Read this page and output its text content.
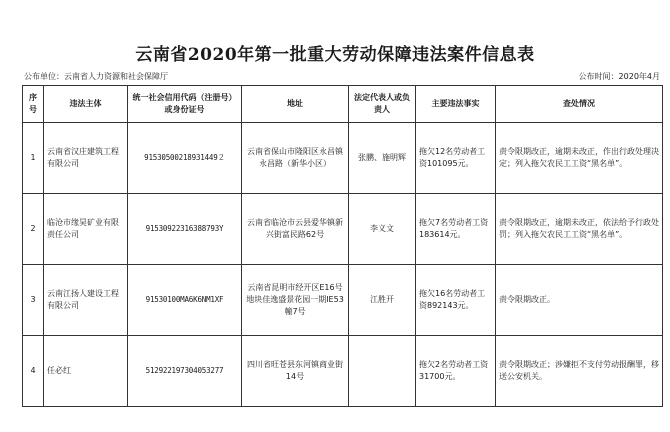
云南省2020年第一批重大劳动保障违法案件信息表
公布单位：云南省人力资源和社会保障厅	公布时间：2020年4月
序号	违法主体	统一社会信用代码（注册号）或身份证号	地址	法定代表人或负责人	主要违法事实	查处情况
1	云南省汉庄建筑工程有限公司	91530500218931449２	云南省保山市隆阳区永昌镇永昌路（新华小区）	张鹏、施明辉	拖欠12名劳动者工资101095元。	责令限期改正，逾期未改正，作出行政处理决定；列入拖欠农民工工资“黑名单”。
2	临沧市缘昊矿业有限责任公司	91530922316388793Y	云南省临沧市云县爱华镇新兴街富民路62号	李义文	拖欠7名劳动者工资183614元。	责令限期改正，逾期未改正，依法给予行政处罚；列入拖欠农民工工资“黑名单”。
3	云南江扬人建设工程有限公司	91530100MA6K6NM1XF	云南省昆明市经开区E16号地块佳逸盛景花园一期IE53幢7号	江胜开	拖欠16名劳动者工资892143元。	责令限期改正。
4	任必红	512922197304053277	四川省旺苍县东河镇商业街14号		拖欠2名劳动者工资31700元。	责令限期改正；涉嫌拒不支付劳动报酬罪，移送公安机关。
